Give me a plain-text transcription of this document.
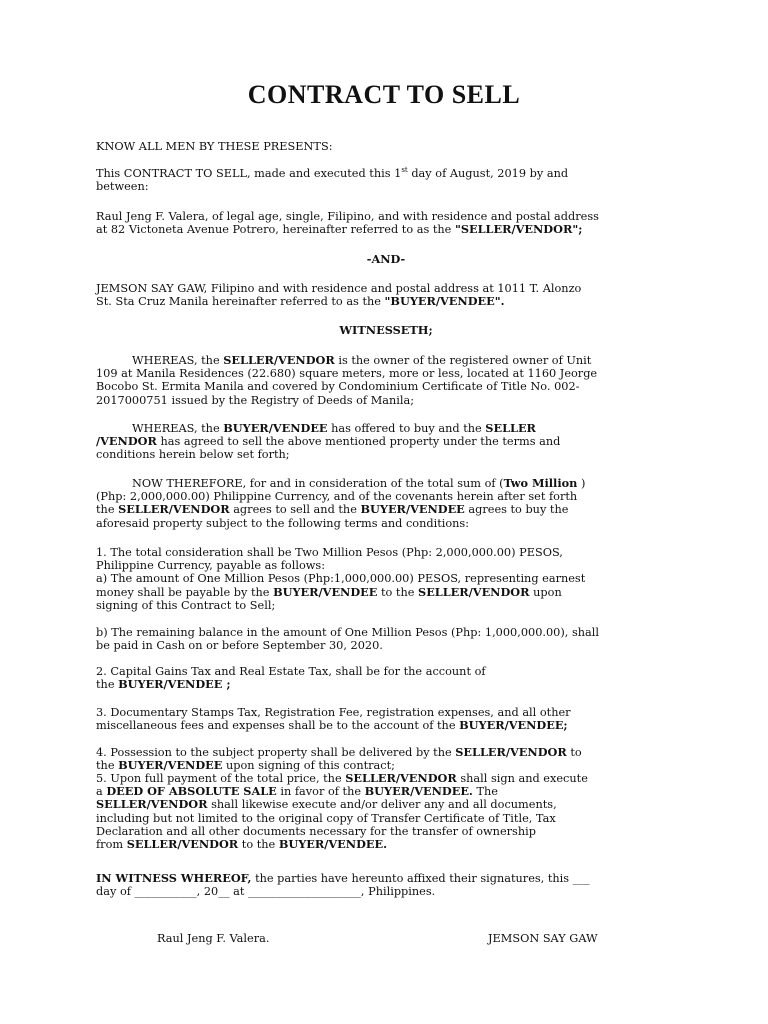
CONTRACT TO SELL
KNOW ALL MEN BY THESE PRESENTS:
This CONTRACT TO SELL, made and executed this 1st day of August, 2019 by and
between:
Raul Jeng F. Valera, of legal age, single, Filipino, and with residence and postal address
at 82 Victoneta Avenue Potrero, hereinafter referred to as the "SELLER/VENDOR";
-AND-
JEMSON SAY GAW, Filipino and with residence and postal address at 1011 T. Alonzo
St. Sta Cruz Manila hereinafter referred to as the "BUYER/VENDEE".
WITNESSETH;
WHEREAS, the SELLER/VENDOR is the owner of the registered owner of Unit
109 at Manila Residences (22.680) square meters, more or less, located at 1160 Jeorge
Bocobo St. Ermita Manila and covered by Condominium Certificate of Title No. 002-
2017000751 issued by the Registry of Deeds of Manila;
WHEREAS, the BUYER/VENDEE has offered to buy and the SELLER
/VENDOR has agreed to sell the above mentioned property under the terms and
conditions herein below set forth;
NOW THEREFORE, for and in consideration of the total sum of (Two Million )
(Php: 2,000,000.00) Philippine Currency, and of the covenants herein after set forth
the SELLER/VENDOR agrees to sell and the BUYER/VENDEE agrees to buy the
aforesaid property subject to the following terms and conditions:
1. The total consideration shall be Two Million Pesos (Php: 2,000,000.00) PESOS,
Philippine Currency, payable as follows:
a) The amount of One Million Pesos (Php:1,000,000.00) PESOS, representing earnest
money shall be payable by the BUYER/VENDEE to the SELLER/VENDOR upon
signing of this Contract to Sell;
b) The remaining balance in the amount of One Million Pesos (Php: 1,000,000.00), shall
be paid in Cash on or before September 30, 2020.
2. Capital Gains Tax and Real Estate Tax, shall be for the account of
the BUYER/VENDEE ;
3. Documentary Stamps Tax, Registration Fee, registration expenses, and all other
miscellaneous fees and expenses shall be to the account of the BUYER/VENDEE;
4. Possession to the subject property shall be delivered by the SELLER/VENDOR to
the BUYER/VENDEE upon signing of this contract;
5. Upon full payment of the total price, the SELLER/VENDOR shall sign and execute
a DEED OF ABSOLUTE SALE in favor of the BUYER/VENDEE. The
SELLER/VENDOR shall likewise execute and/or deliver any and all documents,
including but not limited to the original copy of Transfer Certificate of Title, Tax
Declaration and all other documents necessary for the transfer of ownership
from SELLER/VENDOR to the BUYER/VENDEE.
IN WITNESS WHEREOF, the parties have hereunto affixed their signatures, this ___
day of ___________, 20__ at ____________________, Philippines.
Raul Jeng F. Valera.	JEMSON SAY GAW
